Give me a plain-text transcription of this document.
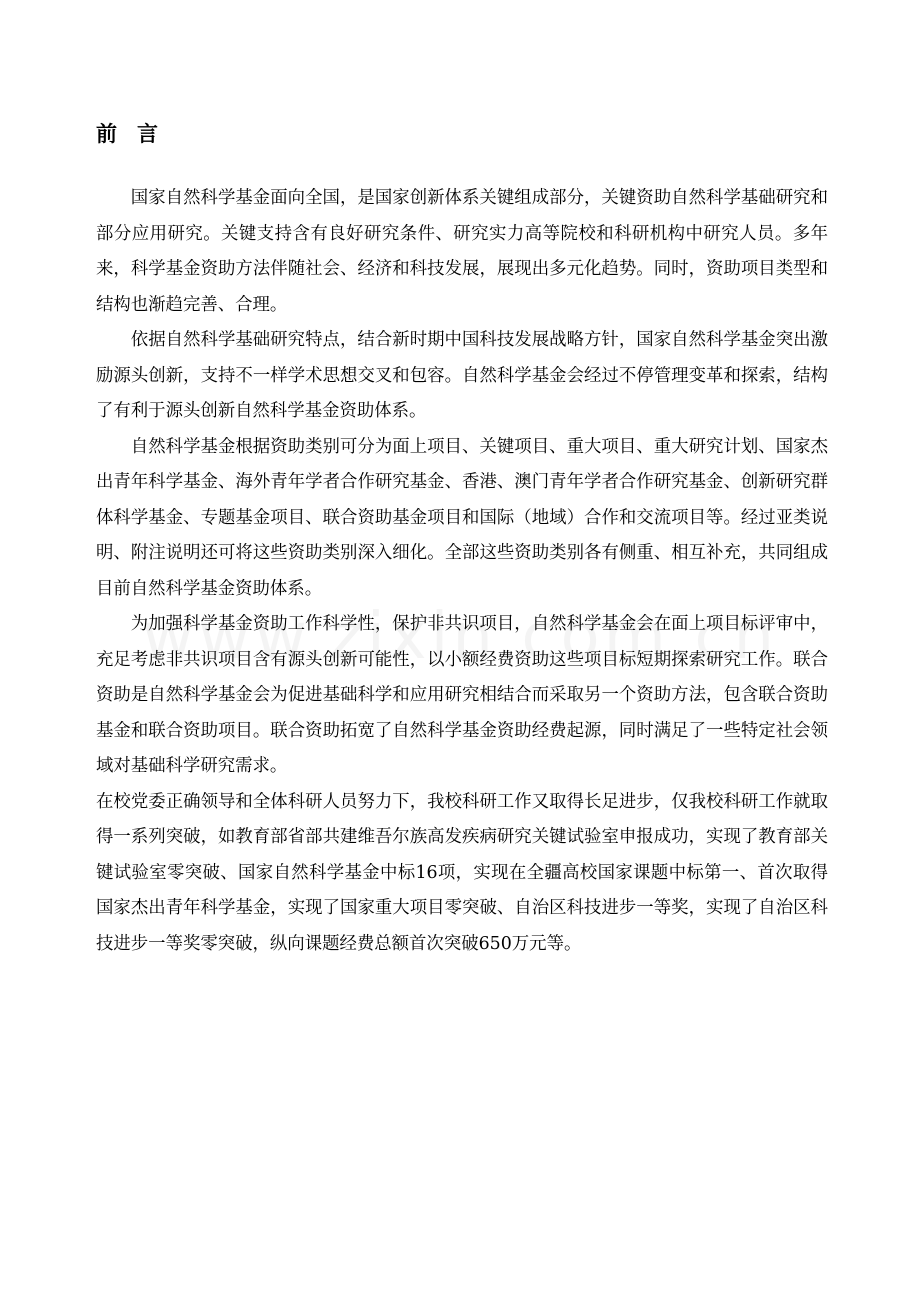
前言

国家自然科学基金面向全国，是国家创新体系关键组成部分，关键资助自然科学基础研究和部分应用研究。关键支持含有良好研究条件、研究实力高等院校和科研机构中研究人员。多年来，科学基金资助方法伴随社会、经济和科技发展，展现出多元化趋势。同时，资助项目类型和结构也渐趋完善、合理。

依据自然科学基础研究特点，结合新时期中国科技发展战略方针，国家自然科学基金突出激励源头创新，支持不一样学术思想交叉和包容。自然科学基金会经过不停管理变革和探索，结构了有利于源头创新自然科学基金资助体系。

自然科学基金根据资助类别可分为面上项目、关键项目、重大项目、重大研究计划、国家杰出青年科学基金、海外青年学者合作研究基金、香港、澳门青年学者合作研究基金、创新研究群体科学基金、专题基金项目、联合资助基金项目和国际（地域）合作和交流项目等。经过亚类说明、附注说明还可将这些资助类别深入细化。全部这些资助类别各有侧重、相互补充，共同组成目前自然科学基金资助体系。

为加强科学基金资助工作科学性，保护非共识项目，自然科学基金会在面上项目标评审中，充足考虑非共识项目含有源头创新可能性，以小额经费资助这些项目标短期探索研究工作。联合资助是自然科学基金会为促进基础科学和应用研究相结合而采取另一个资助方法，包含联合资助基金和联合资助项目。联合资助拓宽了自然科学基金资助经费起源，同时满足了一些特定社会领域对基础科学研究需求。

在校党委正确领导和全体科研人员努力下，我校科研工作又取得长足进步，仅我校科研工作就取得一系列突破，如教育部省部共建维吾尔族高发疾病研究关键试验室申报成功，实现了教育部关键试验室零突破、国家自然科学基金中标16项，实现在全疆高校国家课题中标第一、首次取得国家杰出青年科学基金，实现了国家重大项目零突破、自治区科技进步一等奖，实现了自治区科技进步一等奖零突破，纵向课题经费总额首次突破650万元等。
